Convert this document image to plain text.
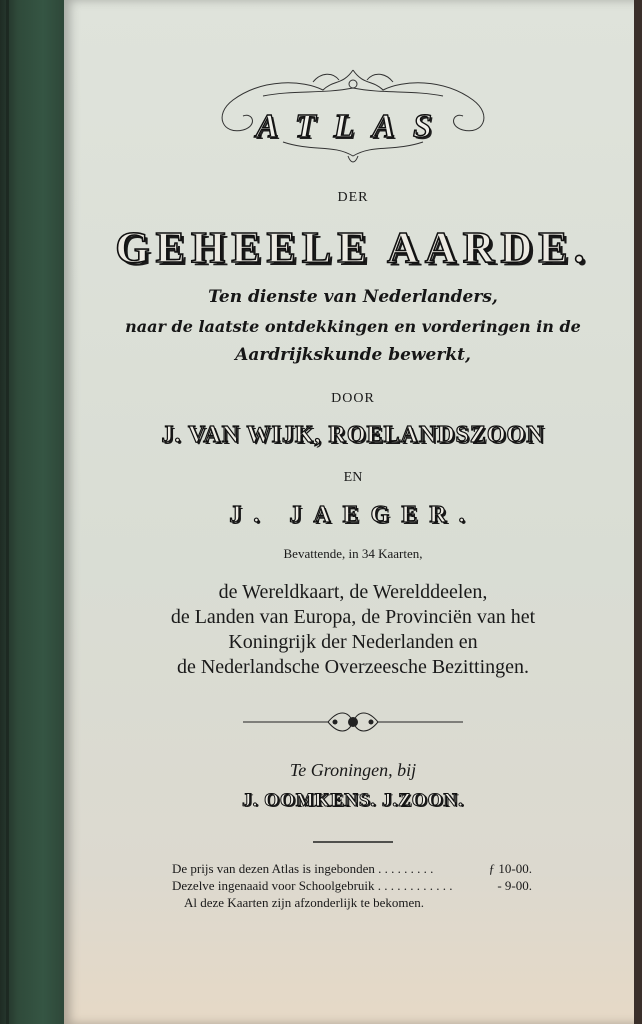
ATLAS
DER
GEHEELE AARDE.
Ten dienste van Nederlanders,
naar de laatste ontdekkingen en vorderingen in de
Aardrijkskunde bewerkt,
DOOR
J. VAN WIJK, ROELANDSZOON
EN
J. JAEGER.
Bevattende, in 34 Kaarten,
de Wereldkaart, de Werelddeelen,
de Landen van Europa, de Provinciën van het
Koningrijk der Nederlanden en
de Nederlandsche Overzeesche Bezittingen.
Te Groningen, bij
J. OOMKENS. J.ZOON.
De prijs van dezen Atlas is ingebonden . . . . . . . . .	ƒ 10-00.
Dezelve ingenaaid voor Schoolgebruik . . . . . . . . . . . .	- 9-00.
Al deze Kaarten zijn afzonderlijk te bekomen.
